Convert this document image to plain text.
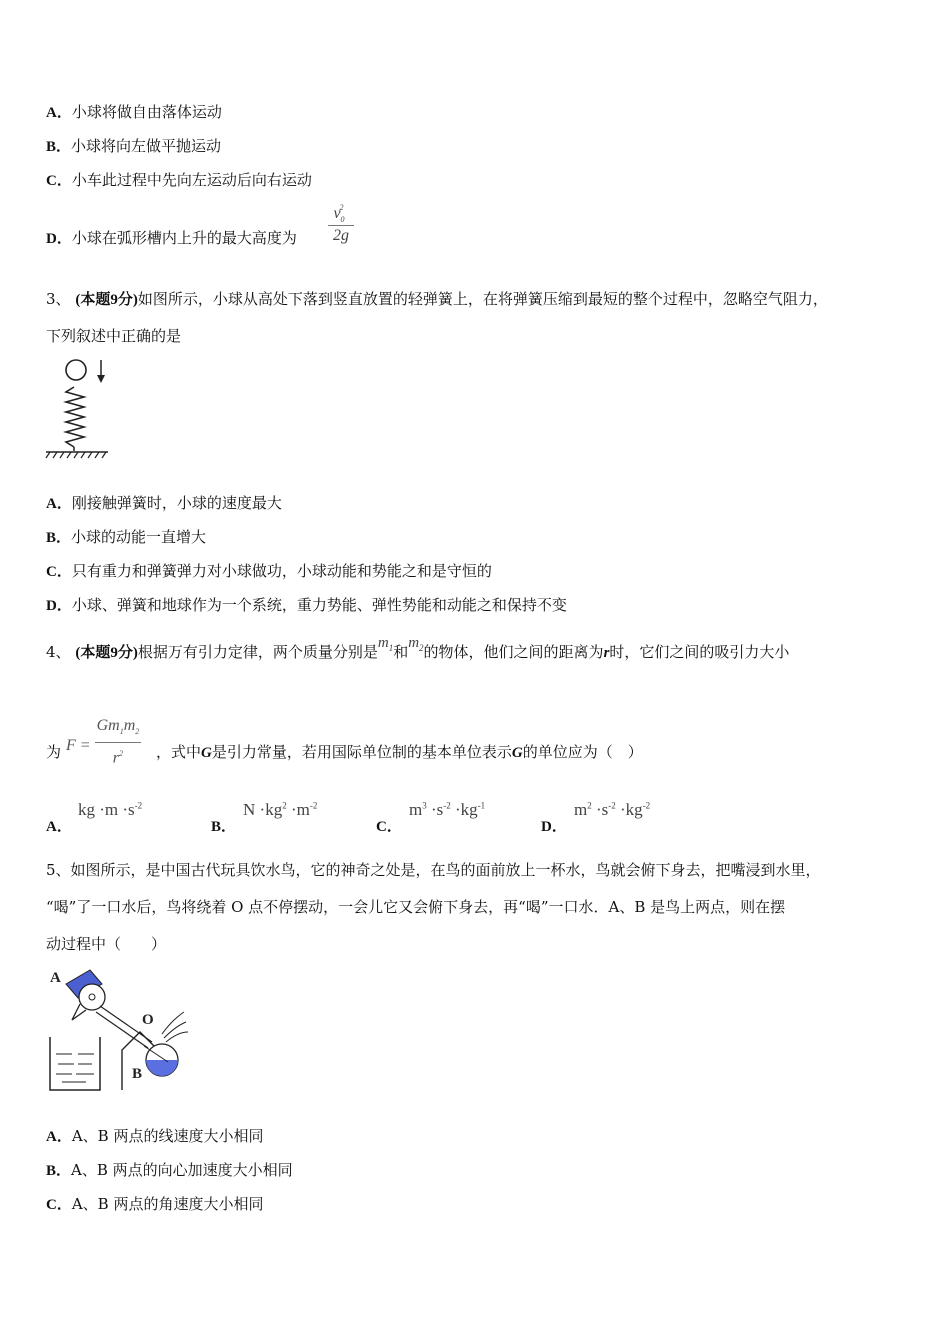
A．小球将做自由落体运动
B．小球将向左做平抛运动
C．小车此过程中先向左运动后向右运动
D．小球在弧形槽内上升的最大高度为
$v_0^2$
2g
3、 (本题9分)如图所示，小球从高处下落到竖直放置的轻弹簧上，在将弹簧压缩到最短的整个过程中，忽略空气阻力，
下列叙述中正确的是
A．刚接触弹簧时，小球的速度最大
B．小球的动能一直增大
C．只有重力和弹簧弹力对小球做功，小球动能和势能之和是守恒的
D．小球、弹簧和地球作为一个系统，重力势能、弹性势能和动能之和保持不变
4、 (本题9分)根据万有引力定律，两个质量分别是$m_1$和$m_2$的物体，他们之间的距离为r时，它们之间的吸引力大小
为 $F = \frac{Gm_1m_2}{r^2}$ ，式中G是引力常量，若用国际单位制的基本单位表示G的单位应为（　）
A．
kg $\cdot m \cdot s^{-2}$
B．
$N \cdot kg^2 \cdot m^{-2}$
C．
$m^3 \cdot s^{-2} \cdot kg^{-1}$
D．
$m^2 \cdot s^{-2} \cdot kg^{-2}$
5、如图所示，是中国古代玩具饮水鸟，它的神奇之处是，在鸟的面前放上一杯水，鸟就会俯下身去，把嘴浸到水里，
“喝”了一口水后，鸟将绕着 O 点不停摆动，一会儿它又会俯下身去，再“喝”一口水．A、B 是鸟上两点，则在摆
动过程中（　　）
A
O
B
A．A、B 两点的线速度大小相同
B．A、B 两点的向心加速度大小相同
C．A、B 两点的角速度大小相同
